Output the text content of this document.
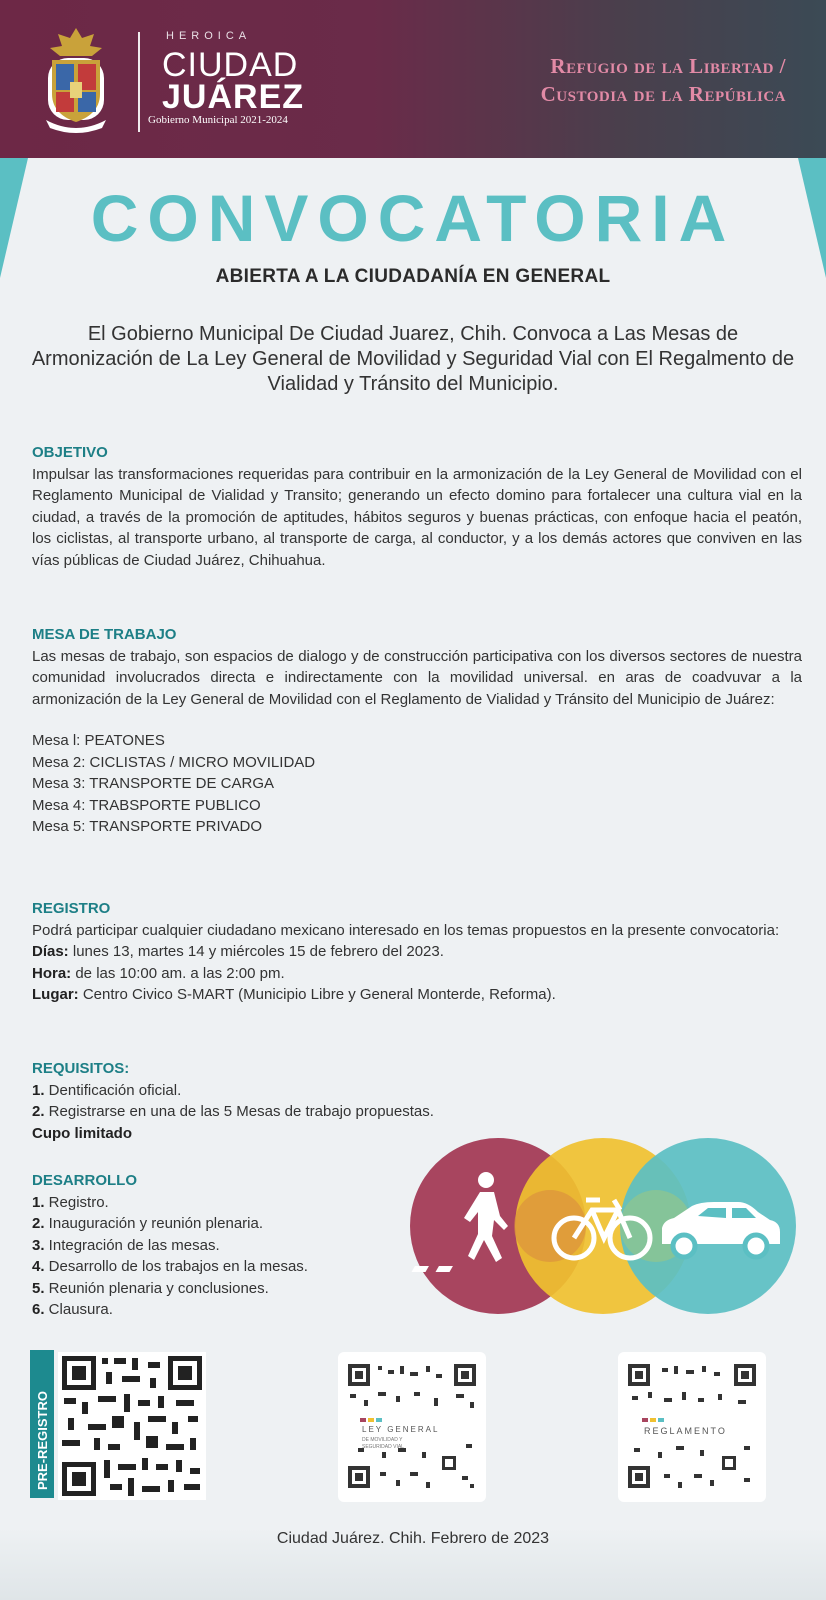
HEROICA
CIUDAD
JUÁREZ
Gobierno Municipal 2021-2024
Refugio de la Libertad /
Custodia de la República
CONVOCATORIA
ABIERTA A LA CIUDADANÍA EN GENERAL
El Gobierno Municipal De Ciudad Juarez, Chih. Convoca a Las Mesas de Armonización de La Ley General de Movilidad y Seguridad Vial con El Regalmento de Vialidad y Tránsito del Municipio.
OBJETIVO

Impulsar las transformaciones requeridas para contribuir en la armonización de la Ley General de Movilidad con el Reglamento Municipal de Vialidad y Transito; generando un efecto domino para fortalecer una cultura vial en la ciudad, a través de la promoción de aptitudes, hábitos seguros y buenas prácticas, con enfoque hacia el peatón, los ciclistas, al transporte urbano, al transporte de carga, al conductor, y a los demás actores que conviven en las vías públicas de Ciudad Juárez, Chihuahua.

MESA DE TRABAJO

Las mesas de trabajo, son espacios de dialogo y de construcción participativa con los diversos sectores de nuestra comunidad involucrados directa e indirectamente con la movilidad universal. en aras de coadvuvar a la armonización de la Ley General de Movilidad con el Reglamento de Vialidad y Tránsito del Municipio de Juárez:

Mesa l: PEATONES
Mesa 2: CICLISTAS / MICRO MOVILIDAD
Mesa 3: TRANSPORTE DE CARGA
Mesa 4: TRABSPORTE PUBLICO
Mesa 5: TRANSPORTE PRIVADO
REGISTRO

Podrá participar cualquier ciudadano mexicano interesado en los temas propuestos en la presente convocatoria:

Días: lunes 13, martes 14 y miércoles 15 de febrero del 2023.
Hora: de las 10:00 am. a las 2:00 pm.
Lugar: Centro Civico S-MART (Municipio Libre y General Monterde, Reforma).
REQUISITOS:
1. Dentificación oficial.
2. Registrarse en una de las 5 Mesas de trabajo propuestas.
Cupo limitado
DESARROLLO
1. Registro.
2. Inauguración y reunión plenaria.
3. Integración de las mesas.
4. Desarrollo de los trabajos en la mesas.
5. Reunión plenaria y conclusiones.
6. Clausura.
PRE-REGISTRO	LEY GENERAL
DE MOVILIDAD Y
SEGURIDAD VIAL
REGLAMENTO
Ciudad Juárez. Chih. Febrero de 2023
